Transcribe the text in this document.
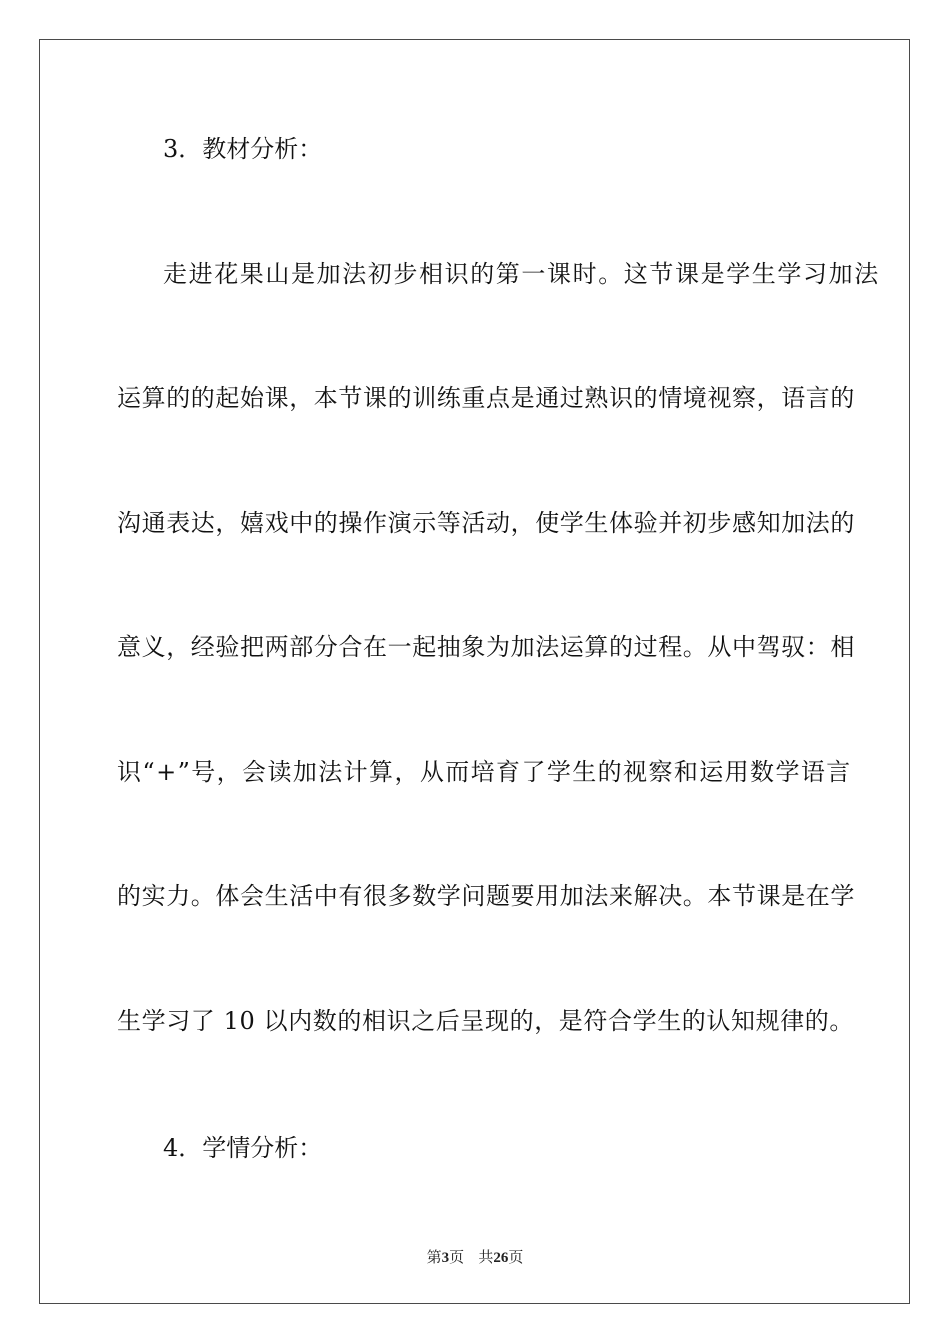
3．教材分析：
走进花果山是加法初步相识的第一课时。这节课是学生学习加法
运算的的起始课，本节课的训练重点是通过熟识的情境视察，语言的
沟通表达，嬉戏中的操作演示等活动，使学生体验并初步感知加法的
意义，经验把两部分合在一起抽象为加法运算的过程。从中驾驭：相
识“+”号，会读加法计算，从而培育了学生的视察和运用数学语言
的实力。体会生活中有很多数学问题要用加法来解决。本节课是在学
生学习了 10 以内数的相识之后呈现的，是符合学生的认知规律的。
4．学情分析：
第3页 共26页
